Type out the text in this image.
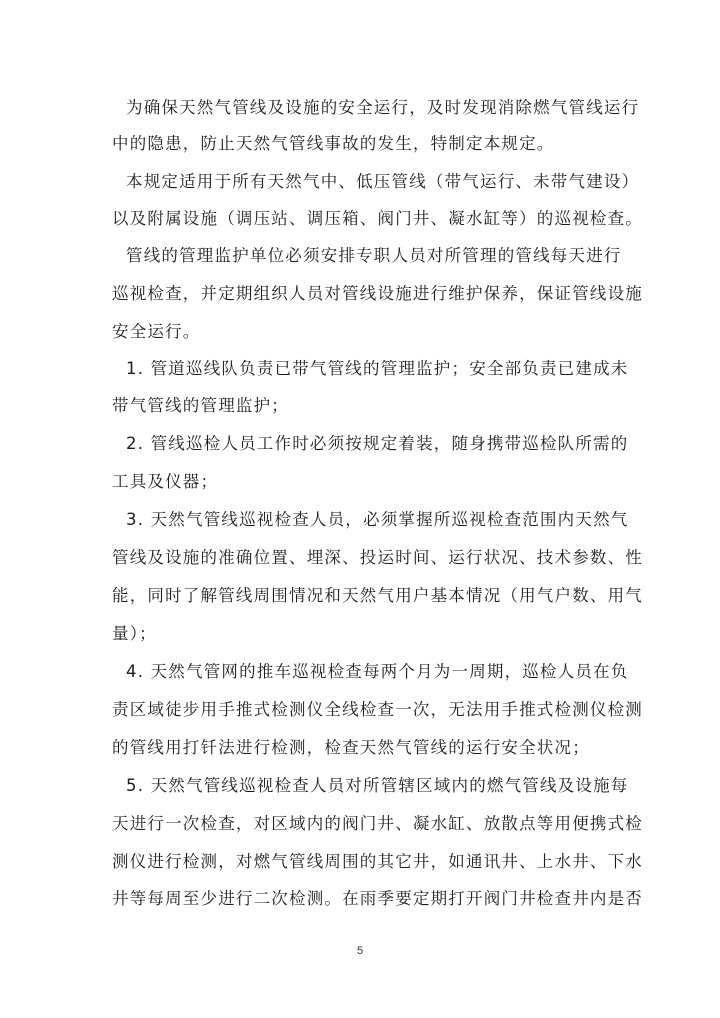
为确保天然气管线及设施的安全运行，及时发现消除燃气管线运行
中的隐患，防止天然气管线事故的发生，特制定本规定。
本规定适用于所有天然气中、低压管线（带气运行、未带气建设）
以及附属设施（调压站、调压箱、阀门井、凝水缸等）的巡视检查。
管线的管理监护单位必须安排专职人员对所管理的管线每天进行
巡视检查，并定期组织人员对管线设施进行维护保养，保证管线设施
安全运行。
1. 管道巡线队负责已带气管线的管理监护；安全部负责已建成未
带气管线的管理监护；
2. 管线巡检人员工作时必须按规定着装，随身携带巡检队所需的
工具及仪器；
3. 天然气管线巡视检查人员，必须掌握所巡视检查范围内天然气
管线及设施的准确位置、埋深、投运时间、运行状况、技术参数、性
能，同时了解管线周围情况和天然气用户基本情况（用气户数、用气
量）；
4. 天然气管网的推车巡视检查每两个月为一周期，巡检人员在负
责区域徒步用手推式检测仪全线检查一次，无法用手推式检测仪检测
的管线用打钎法进行检测，检查天然气管线的运行安全状况；
5. 天然气管线巡视检查人员对所管辖区域内的燃气管线及设施每
天进行一次检查，对区域内的阀门井、凝水缸、放散点等用便携式检
测仪进行检测，对燃气管线周围的其它井，如通讯井、上水井、下水
井等每周至少进行二次检测。在雨季要定期打开阀门井检查井内是否
5
